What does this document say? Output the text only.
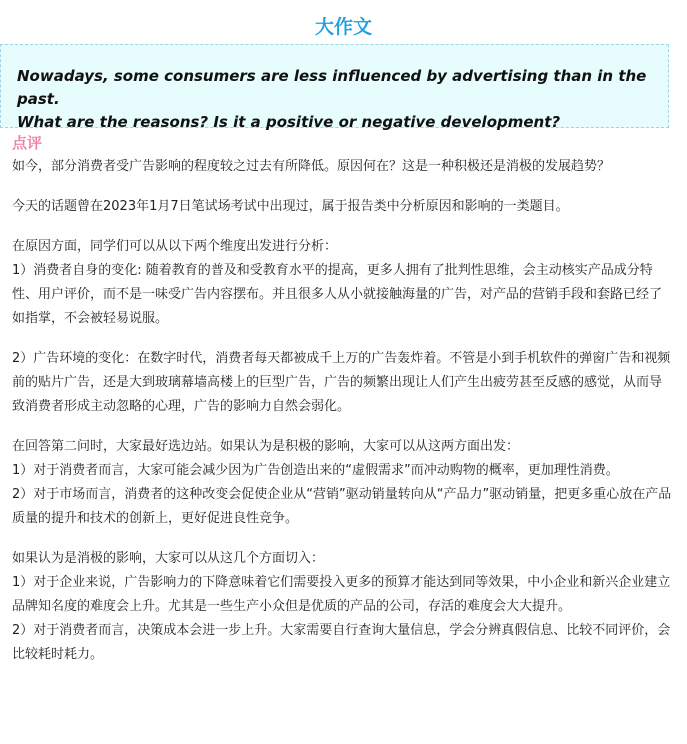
大作文

Nowadays, some consumers are less influenced by advertising than in the past.
What are the reasons? Is it a positive or negative development?

点评

如今，部分消费者受广告影响的程度较之过去有所降低。原因何在？这是一种积极还是消极的发展趋势？

今天的话题曾在2023年1月7日笔试场考试中出现过，属于报告类中分析原因和影响的一类题目。

在原因方面，同学们可以从以下两个维度出发进行分析：
1）消费者自身的变化: 随着教育的普及和受教育水平的提高，更多人拥有了批判性思维，会主动核实产品成分特性、用户评价，而不是一味受广告内容摆布。并且很多人从小就接触海量的广告，对产品的营销手段和套路已经了如指掌，不会被轻易说服。

2）广告环境的变化：在数字时代，消费者每天都被成千上万的广告轰炸着。不管是小到手机软件的弹窗广告和视频前的贴片广告，还是大到玻璃幕墙高楼上的巨型广告，广告的频繁出现让人们产生出疲劳甚至反感的感觉，从而导致消费者形成主动忽略的心理，广告的影响力自然会弱化。

在回答第二问时，大家最好选边站。如果认为是积极的影响，大家可以从这两方面出发：
1）对于消费者而言，大家可能会减少因为广告创造出来的“虚假需求”而冲动购物的概率，更加理性消费。
2）对于市场而言，消费者的这种改变会促使企业从“营销”驱动销量转向从“产品力”驱动销量，把更多重心放在产品质量的提升和技术的创新上，更好促进良性竞争。

如果认为是消极的影响，大家可以从这几个方面切入：
1）对于企业来说，广告影响力的下降意味着它们需要投入更多的预算才能达到同等效果，中小企业和新兴企业建立品牌知名度的难度会上升。尤其是一些生产小众但是优质的产品的公司，存活的难度会大大提升。
2）对于消费者而言，决策成本会进一步上升。大家需要自行查询大量信息，学会分辨真假信息、比较不同评价，会比较耗时耗力。
